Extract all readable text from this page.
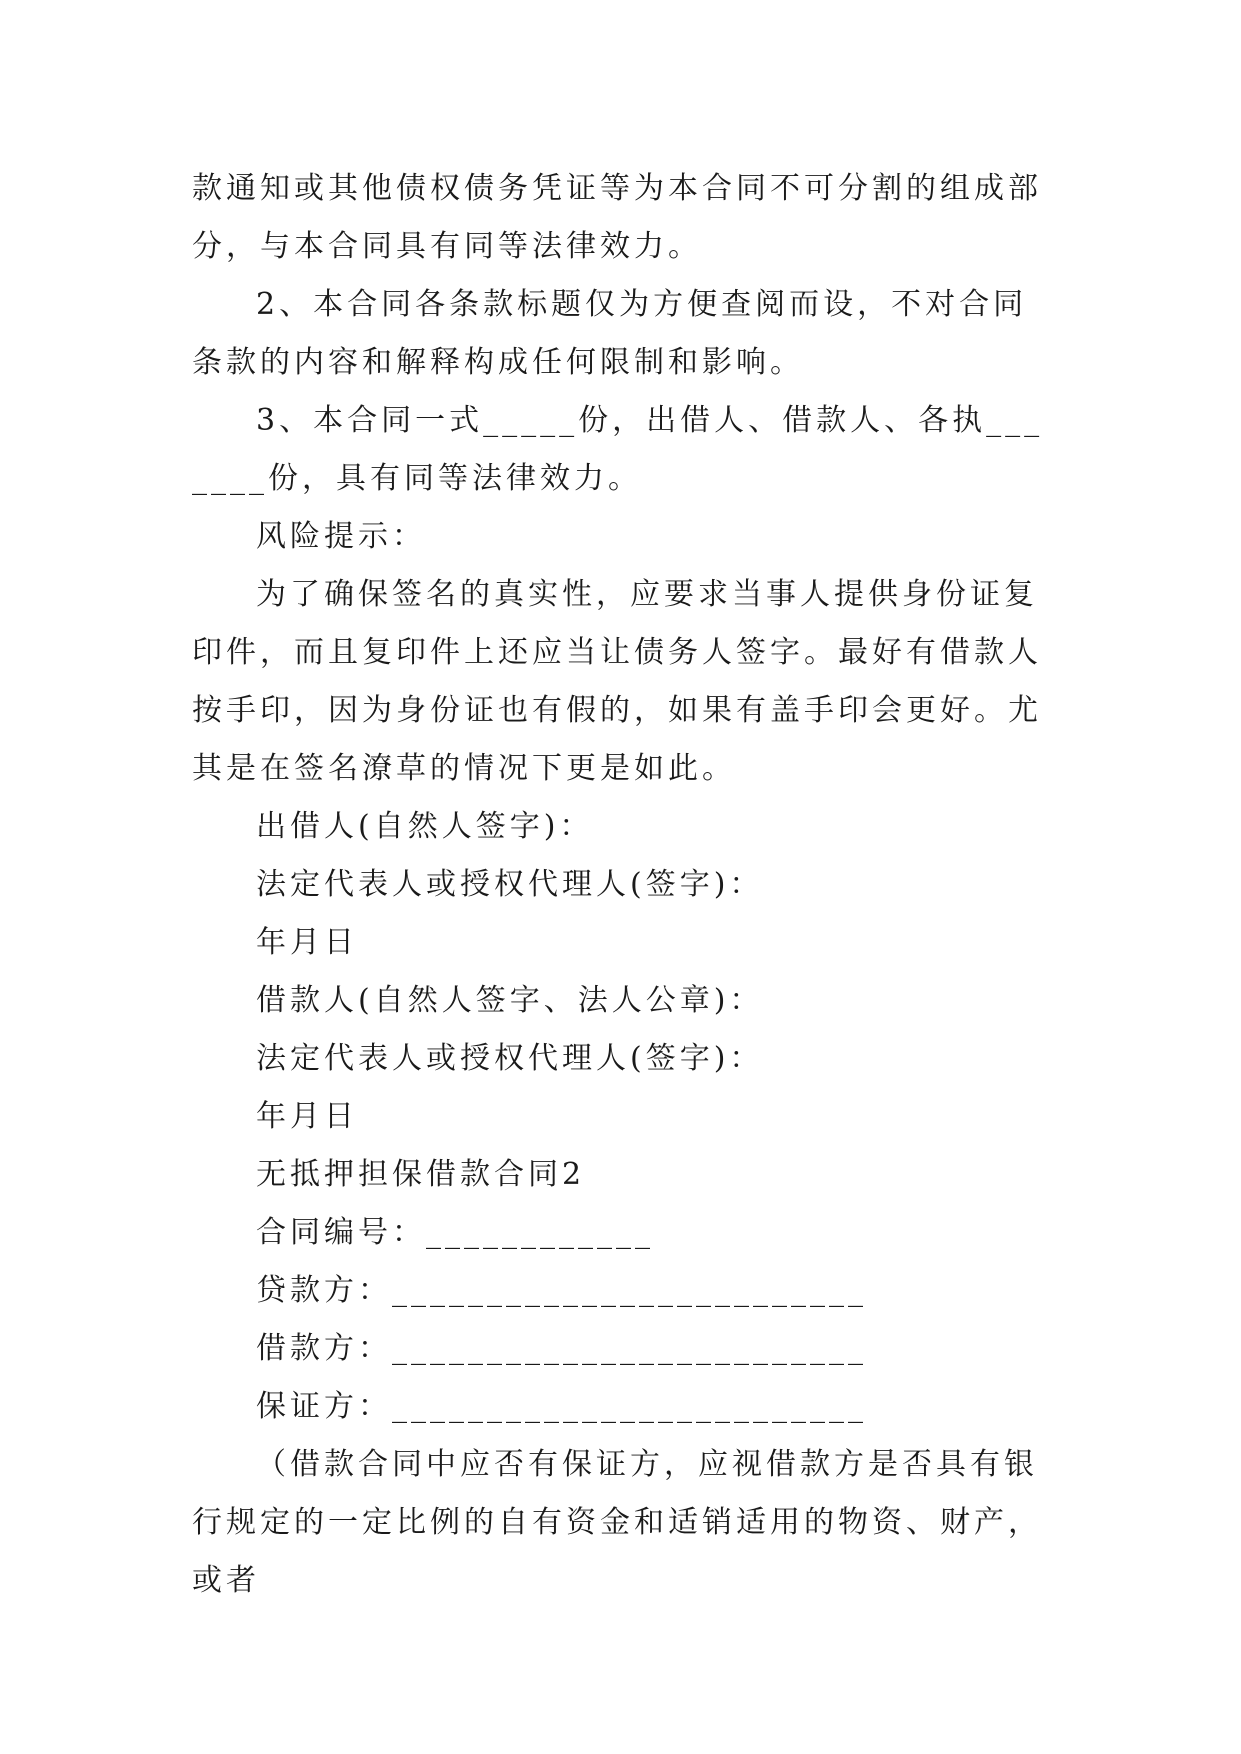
款通知或其他债权债务凭证等为本合同不可分割的组成部分，与本合同具有同等法律效力。

2、本合同各条款标题仅为方便查阅而设，不对合同条款的内容和解释构成任何限制和影响。

3、本合同一式_____份，出借人、借款人、各执_______份，具有同等法律效力。

风险提示：

为了确保签名的真实性，应要求当事人提供身份证复印件，而且复印件上还应当让债务人签字。最好有借款人按手印，因为身份证也有假的，如果有盖手印会更好。尤其是在签名潦草的情况下更是如此。

出借人(自然人签字)：

法定代表人或授权代理人(签字)：

年月日

借款人(自然人签字、法人公章)：

法定代表人或授权代理人(签字)：

年月日

无抵押担保借款合同2

合同编号：____________

贷款方：_________________________

借款方：_________________________

保证方：_________________________

（借款合同中应否有保证方，应视借款方是否具有银行规定的一定比例的自有资金和适销适用的物资、财产，或者
